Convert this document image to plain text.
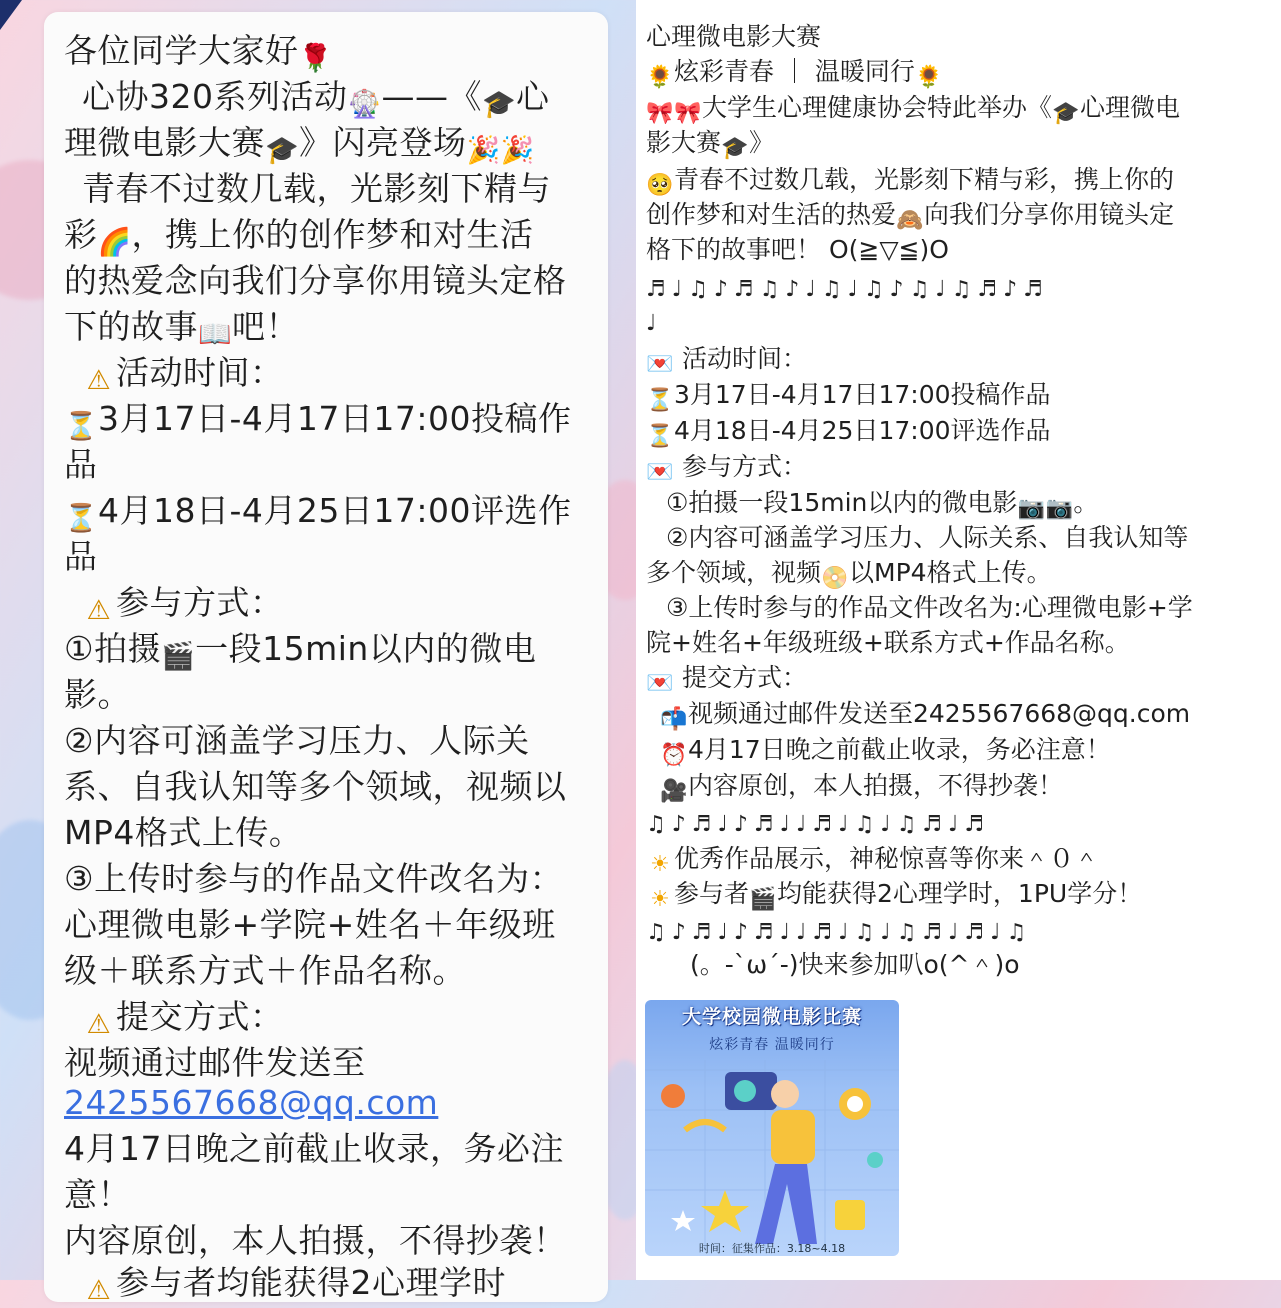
各位同学大家好🌹

心协320系列活动🎡——《🎓心

理微电影大赛🎓》闪亮登场🎉🎉

青春不过数几载，光影刻下精与

彩🌈，携上你的创作梦和对生活

的热爱念向我们分享你用镜头定格

下的故事📖吧！

⚠ 活动时间：

⏳3月17日-4月17日17:00投稿作

品

⏳4月18日-4月25日17:00评选作

品

⚠ 参与方式：

①拍摄🎬一段15min以内的微电

影。

②内容可涵盖学习压力、人际关

系、自我认知等多个领域，视频以

MP4格式上传。

③上传时参与的作品文件改名为：

心理微电影+学院+姓名＋年级班

级＋联系方式＋作品名称。

⚠ 提交方式：

视频通过邮件发送至

2425567668@qq.com

4月17日晚之前截止收录，务必注

意！

内容原创，本人拍摄，不得抄袭！

⚠ 参与者均能获得2心理学时

心理微电影大赛

🌻炫彩青春 ｜ 温暖同行🌻

🎀🎀大学生心理健康协会特此举办《🎓心理微电

影大赛🎓》

🥺青春不过数几载，光影刻下精与彩，携上你的

创作梦和对生活的热爱🙈向我们分享你用镜头定

格下的故事吧！ O(≧▽≦)O

♬♩♫♪♬♫♪♩♫♩♫♪♫♩♫♬♪♬

♩

💌 活动时间：

⏳3月17日-4月17日17:00投稿作品

⏳4月18日-4月25日17:00评选作品

💌 参与方式：

①拍摄一段15min以内的微电影📷📷。

②内容可涵盖学习压力、人际关系、自我认知等

多个领域，视频📀以MP4格式上传。

③上传时参与的作品文件改名为:心理微电影+学

院+姓名+年级班级+联系方式+作品名称。

💌 提交方式：

📬视频通过邮件发送至2425567668@qq.com

⏰4月17日晚之前截止收录，务必注意！

🎥内容原创，本人拍摄，不得抄袭！

♫♪♬♩♪♬♩♩♬♩♫♩♫♬♩♬

☀ 优秀作品展示，神秘惊喜等你来＾０＾

☀ 参与者🎬均能获得2心理学时，1PU学分！

♫♪♬♩♪♬♩♩♬♩♫♩♫♬♩♬♩♫

(。-`ω´-)快来参加叭o(^＾)o

大学校园微电影比赛
炫彩青春 温暖同行
时间：征集作品：3.18~4.18
